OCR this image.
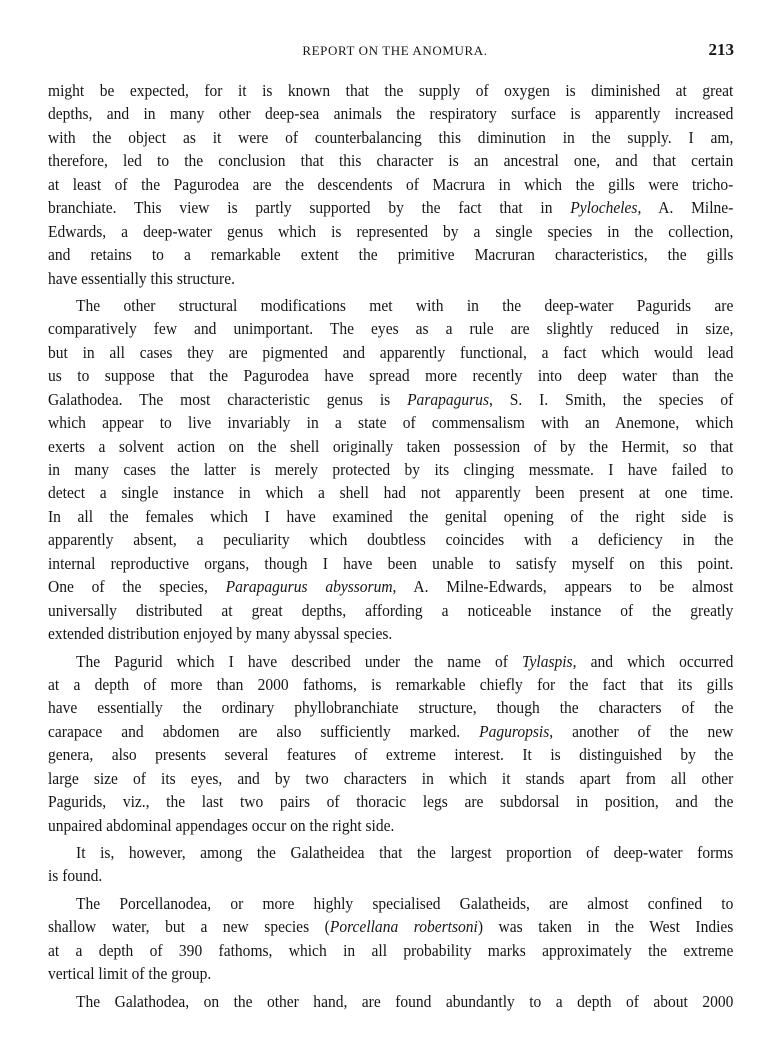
REPORT ON THE ANOMURA.	213
might be expected, for it is known that the supply of oxygen is diminished at great
depths, and in many other deep-sea animals the respiratory surface is apparently increased
with the object as it were of counterbalancing this diminution in the supply. I am,
therefore, led to the conclusion that this character is an ancestral one, and that certain
at least of the Pagurodea are the descendents of Macrura in which the gills were tricho-
branchiate. This view is partly supported by the fact that in Pylocheles, A. Milne-
Edwards, a deep-water genus which is represented by a single species in the collection,
and retains to a remarkable extent the primitive Macruran characteristics, the gills
have essentially this structure.
The other structural modifications met with in the deep-water Pagurids are
comparatively few and unimportant. The eyes as a rule are slightly reduced in size,
but in all cases they are pigmented and apparently functional, a fact which would lead
us to suppose that the Pagurodea have spread more recently into deep water than the
Galathodea. The most characteristic genus is Parapagurus, S. I. Smith, the species of
which appear to live invariably in a state of commensalism with an Anemone, which
exerts a solvent action on the shell originally taken possession of by the Hermit, so that
in many cases the latter is merely protected by its clinging messmate. I have failed to
detect a single instance in which a shell had not apparently been present at one time.
In all the females which I have examined the genital opening of the right side is
apparently absent, a peculiarity which doubtless coincides with a deficiency in the
internal reproductive organs, though I have been unable to satisfy myself on this point.
One of the species, Parapagurus abyssorum, A. Milne-Edwards, appears to be almost
universally distributed at great depths, affording a noticeable instance of the greatly
extended distribution enjoyed by many abyssal species.
The Pagurid which I have described under the name of Tylaspis, and which occurred
at a depth of more than 2000 fathoms, is remarkable chiefly for the fact that its gills
have essentially the ordinary phyllobranchiate structure, though the characters of the
carapace and abdomen are also sufficiently marked. Paguropsis, another of the new
genera, also presents several features of extreme interest. It is distinguished by the
large size of its eyes, and by two characters in which it stands apart from all other
Pagurids, viz., the last two pairs of thoracic legs are subdorsal in position, and the
unpaired abdominal appendages occur on the right side.
It is, however, among the Galatheidea that the largest proportion of deep-water forms
is found.
The Porcellanodea, or more highly specialised Galatheids, are almost confined to
shallow water, but a new species (Porcellana robertsoni) was taken in the West Indies
at a depth of 390 fathoms, which in all probability marks approximately the extreme
vertical limit of the group.
The Galathodea, on the other hand, are found abundantly to a depth of about 2000
